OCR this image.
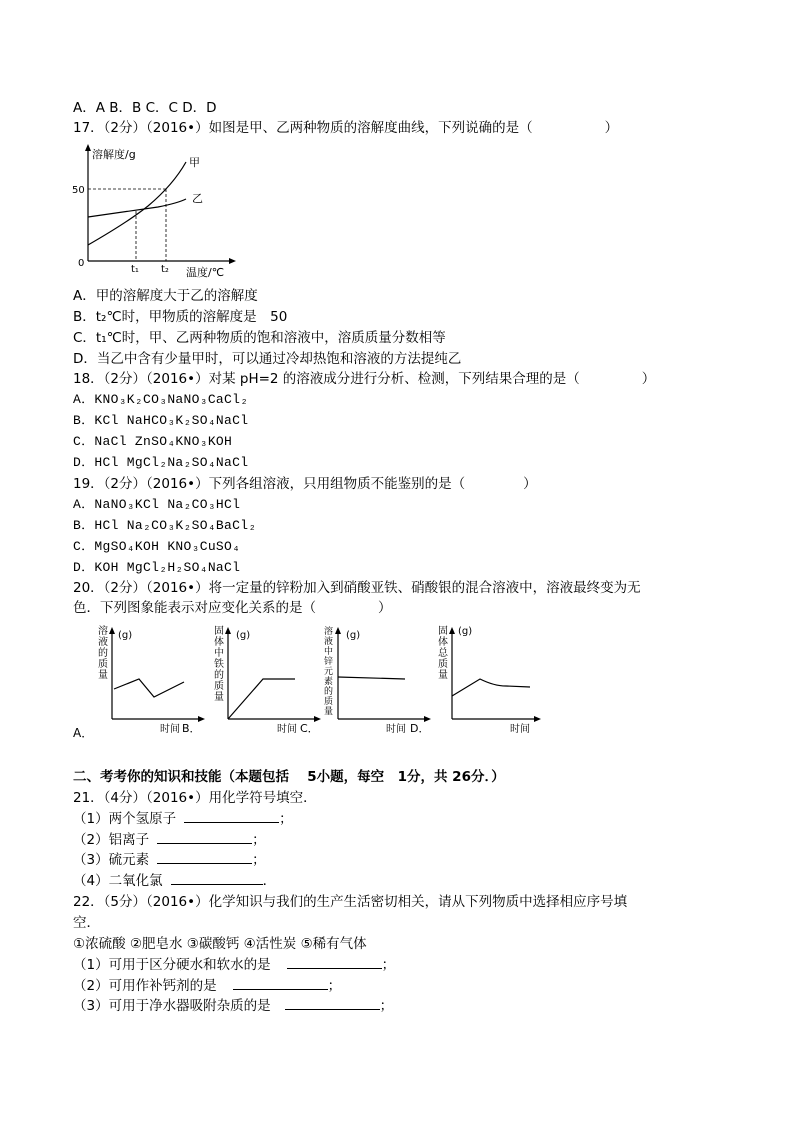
A．A B．B C．C D．D
17．（2分）（2016•）如图是甲、乙两种物质的溶解度曲线，下列说确的是（	）
溶解度/g
50
0
甲
乙
t₁ t₂ 温度/℃
A．甲的溶解度大于乙的溶解度
B．t₂℃时，甲物质的溶解度是　50
C．t₁℃时，甲、乙两种物质的饱和溶液中，溶质质量分数相等
D．当乙中含有少量甲时，可以通过冷却热饱和溶液的方法提纯乙
18．（2分）（2016•）对某 pH=2 的溶液成分进行分析、检测，下列结果合理的是（	）
A．KNO₃K₂CO₃NaNO₃CaCl₂
B．KCl NaHCO₃K₂SO₄NaCl
C．NaCl ZnSO₄KNO₃KOH
D．HCl MgCl₂Na₂SO₄NaCl
19．（2分）（2016•）下列各组溶液，只用组物质不能鉴别的是（	）
A．NaNO₃KCl Na₂CO₃HCl
B．HCl Na₂CO₃K₂SO₄BaCl₂
C．MgSO₄KOH KNO₃CuSO₄
D．KOH MgCl₂H₂SO₄NaCl
20．（2分）（2016•）将一定量的锌粉加入到硝酸亚铁、硝酸银的混合溶液中，溶液最终变为无
色．下列图象能表示对应变化关系的是（	）
A．
溶液的质量
(g)
时间 B．
固体中铁的质量
(g)
时间 C．
溶液中锌元素的质量
(g)
时间 D．
固体总质量
(g)
时间
二、考考你的知识和技能（本题包括　 5小题，每空　1分，共 26分．）
21．（4分）（2016•）用化学符号填空．
（1）两个氢原子	；
（2）铝离子	；
（3）硫元素	；
（4）二氧化氯	．
22．（5分）（2016•）化学知识与我们的生产生活密切相关，请从下列物质中选择相应序号填
空．
①浓硫酸 ②肥皂水 ③碳酸钙 ④活性炭 ⑤稀有气体
（1）可用于区分硬水和软水的是	；
（2）可用作补钙剂的是	；
（3）可用于净水器吸附杂质的是	；
